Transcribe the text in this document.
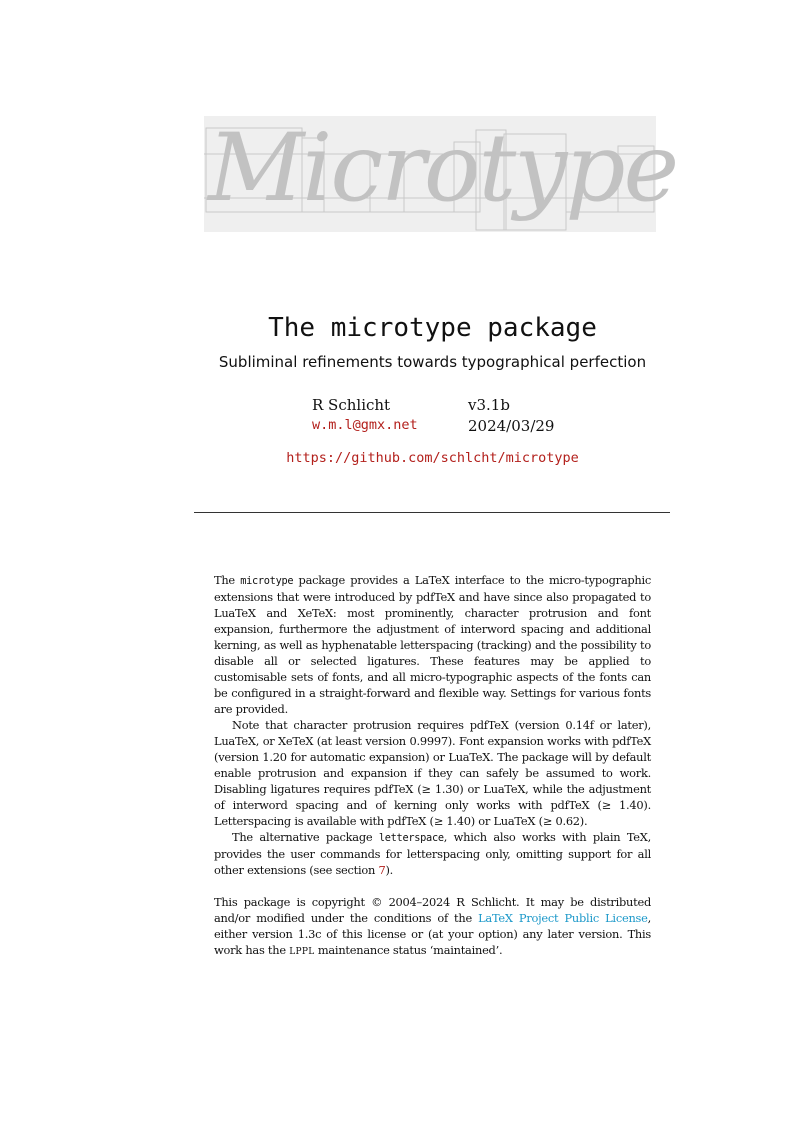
Microtype
The microtype package
Subliminal refinements towards typographical perfection
R Schlicht
w.m.l@gmx.net
v3.1b
2024/03/29
https://github.com/schlcht/microtype

The microtype package provides a LaTeX interface to the micro-typographic extensions that were introduced by pdfTeX and have since also propagated to LuaTeX and XeTeX: most prominently, character protrusion and font expansion, furthermore the adjustment of interword spacing and additional kerning, as well as hyphenatable letterspacing (tracking) and the possibility to disable all or selected ligatures. These features may be applied to customisable sets of fonts, and all micro-typographic aspects of the fonts can be configured in a straight-forward and flexible way. Settings for various fonts are provided.

Note that character protrusion requires pdfTeX (version 0.14f or later), LuaTeX, or XeTeX (at least version 0.9997). Font expansion works with pdfTeX (version 1.20 for automatic expansion) or LuaTeX. The package will by default enable protrusion and expansion if they can safely be assumed to work. Disabling ligatures requires pdfTeX (≥ 1.30) or LuaTeX, while the adjustment of interword spacing and of kerning only works with pdfTeX (≥ 1.40). Letterspacing is available with pdfTeX (≥ 1.40) or LuaTeX (≥ 0.62).

The alternative package letterspace, which also works with plain TeX, provides the user commands for letterspacing only, omitting support for all other extensions (see section 7).

This package is copyright © 2004–2024 R Schlicht. It may be distributed and/or modified under the conditions of the LaTeX Project Public License, either version 1.3c of this license or (at your option) any later version. This work has the LPPL maintenance status ‘maintained’.
